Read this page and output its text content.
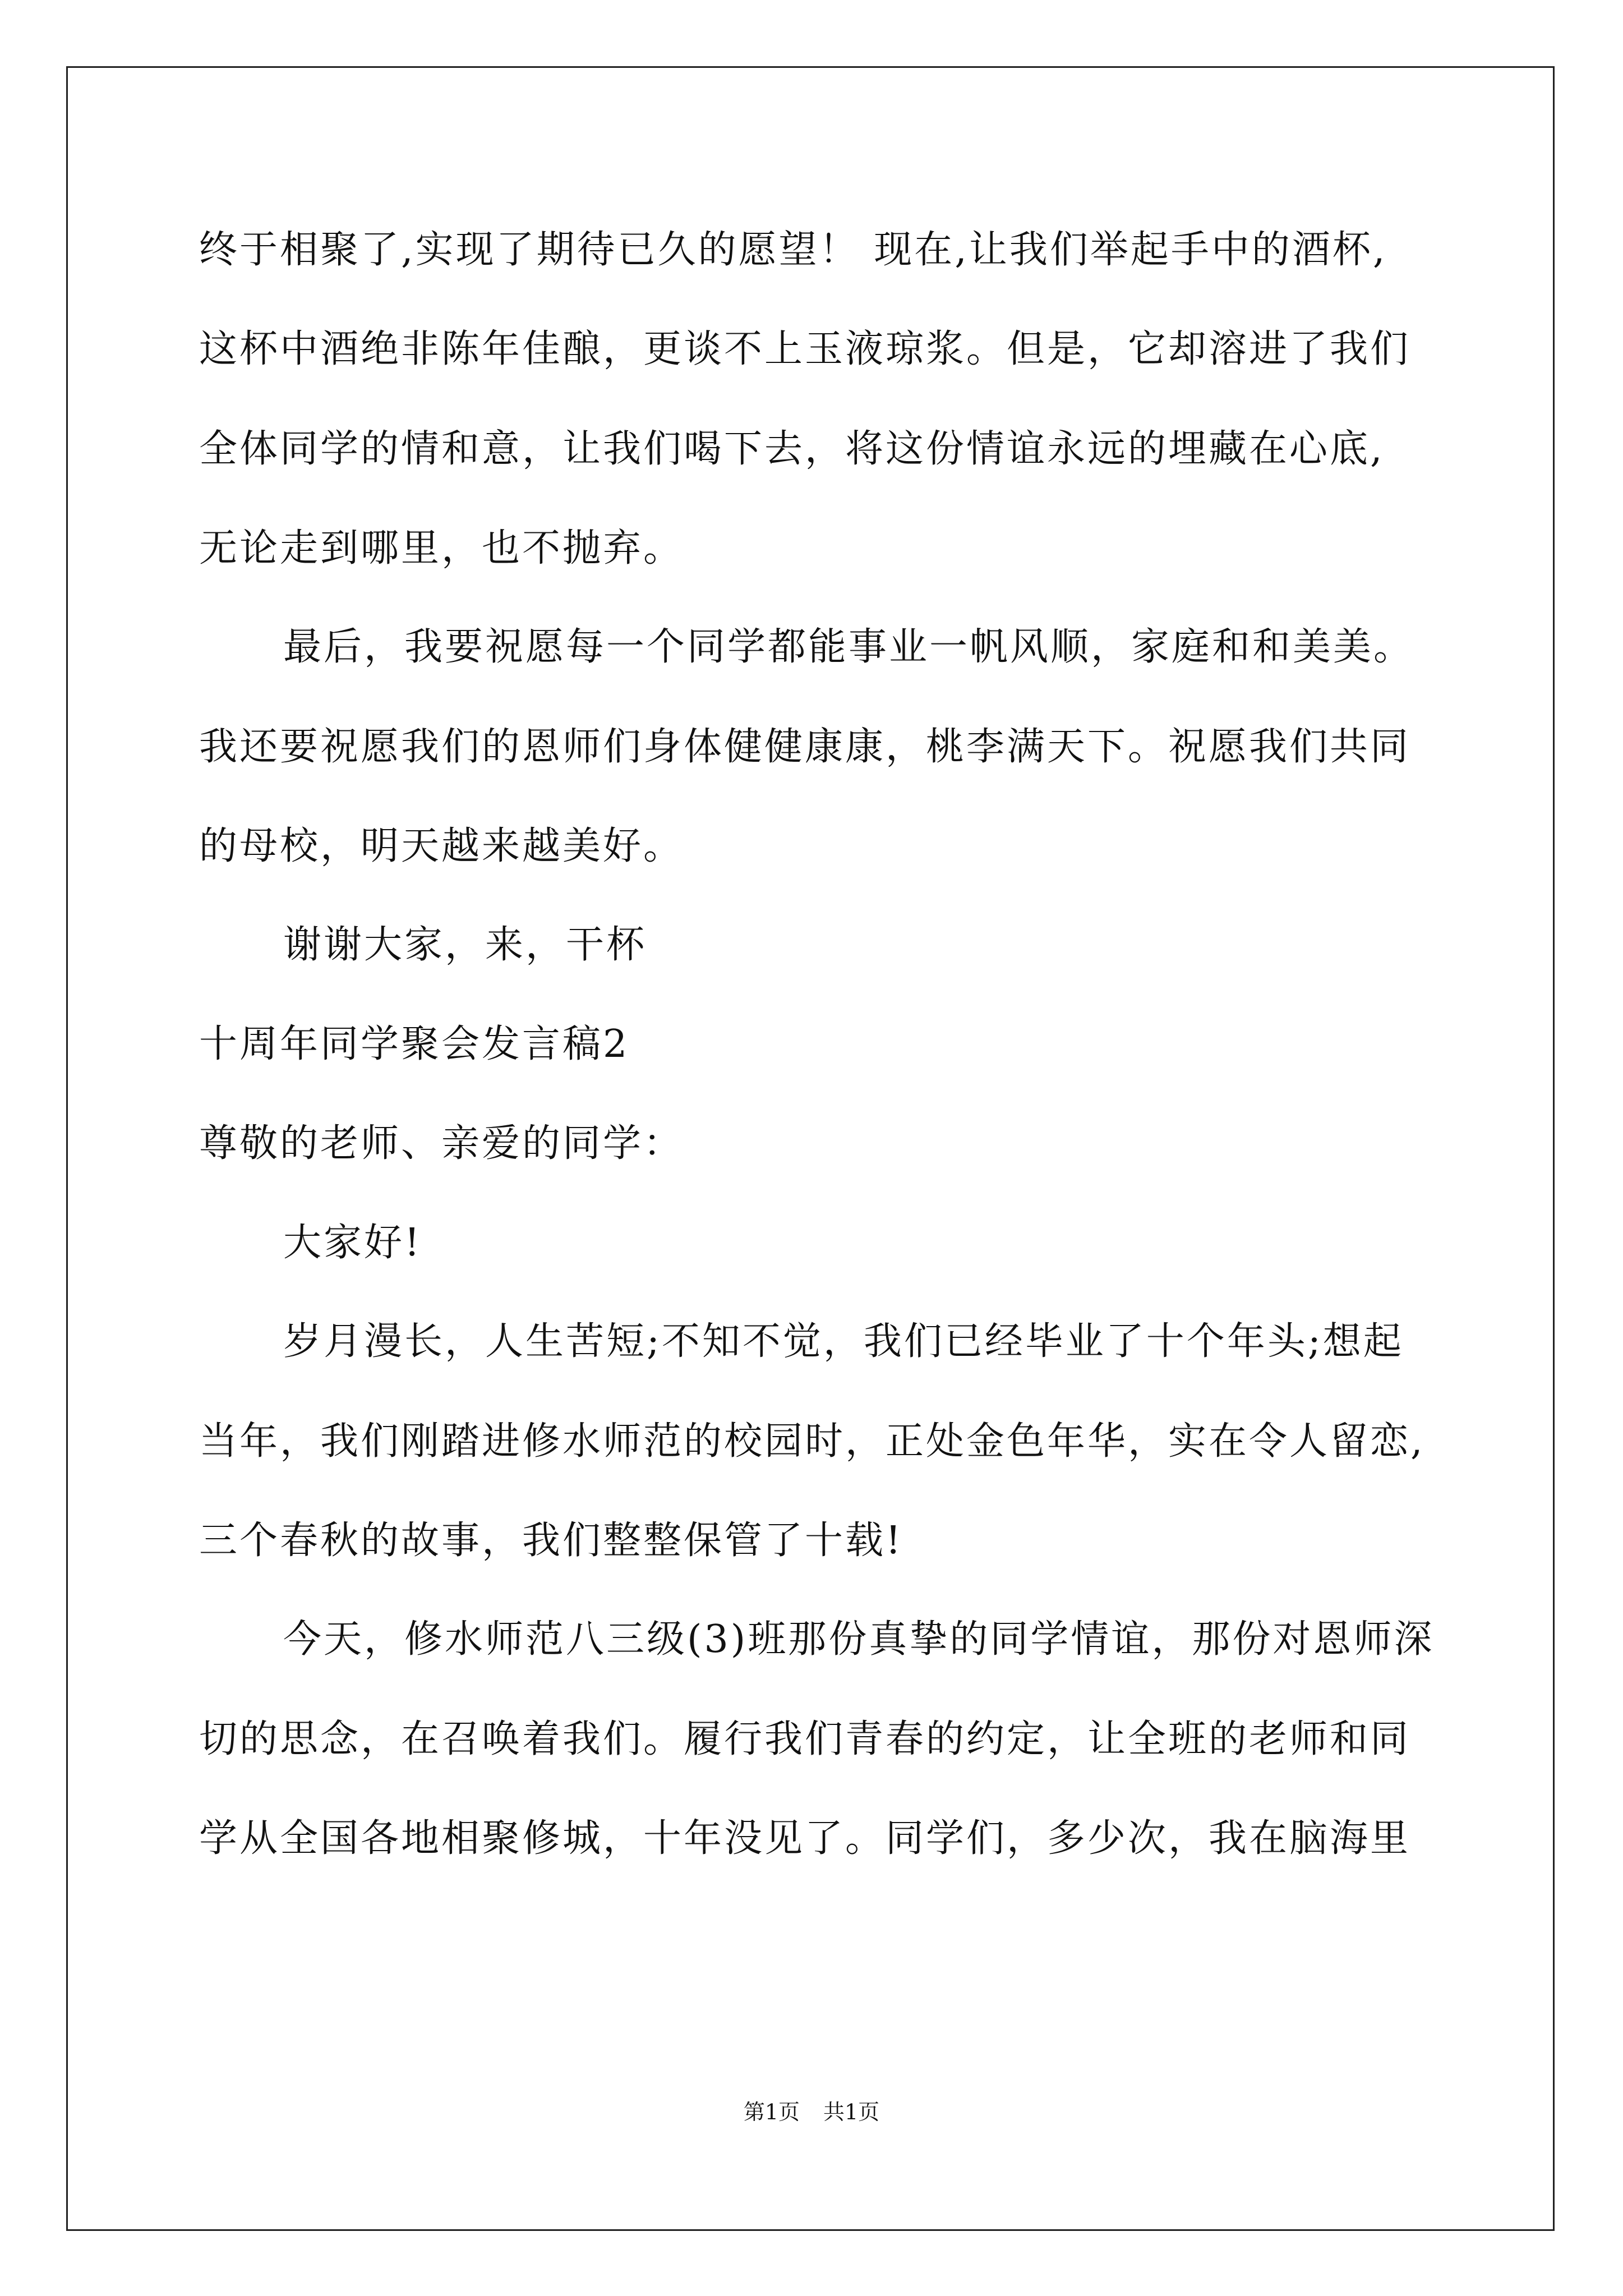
终于相聚了,实现了期待已久的愿望！ 现在,让我们举起手中的酒杯,
这杯中酒绝非陈年佳酿，更谈不上玉液琼浆。但是，它却溶进了我们
全体同学的情和意，让我们喝下去，将这份情谊永远的埋藏在心底,
无论走到哪里，也不抛弃。
最后，我要祝愿每一个同学都能事业一帆风顺，家庭和和美美。
我还要祝愿我们的恩师们身体健健康康，桃李满天下。祝愿我们共同
的母校，明天越来越美好。
谢谢大家，来，干杯
十周年同学聚会发言稿2
尊敬的老师、亲爱的同学：
大家好!
岁月漫长，人生苦短;不知不觉，我们已经毕业了十个年头;想起
当年，我们刚踏进修水师范的校园时，正处金色年华，实在令人留恋,
三个春秋的故事，我们整整保管了十载!
今天，修水师范八三级(3)班那份真挚的同学情谊，那份对恩师深
切的思念，在召唤着我们。履行我们青春的约定，让全班的老师和同
学从全国各地相聚修城，十年没见了。同学们，多少次，我在脑海里
第1页 共1页
